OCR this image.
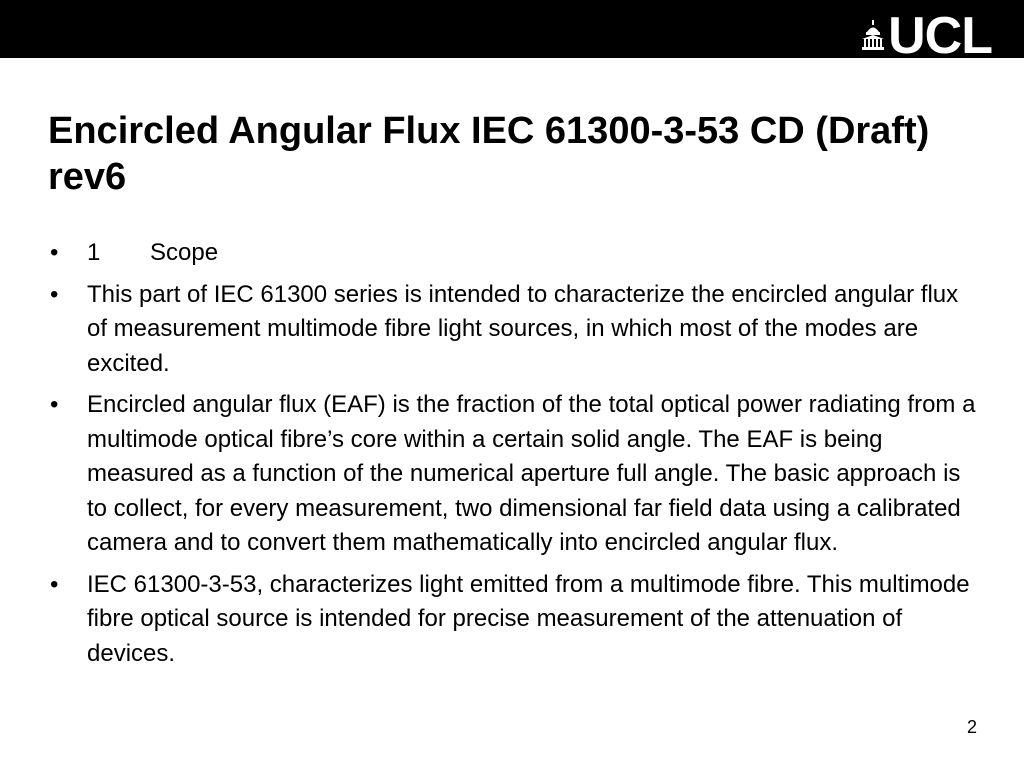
UCL
Encircled Angular Flux IEC 61300-3-53 CD (Draft) rev6
• 1 Scope
• This part of IEC 61300 series is intended to characterize the encircled angular flux of measurement multimode fibre light sources, in which most of the modes are excited.
• Encircled angular flux (EAF) is the fraction of the total optical power radiating from a multimode optical fibre’s core within a certain solid angle. The EAF is being measured as a function of the numerical aperture full angle. The basic approach is to collect, for every measurement, two dimensional far field data using a calibrated camera and to convert them mathematically into encircled angular flux.
• IEC 61300-3-53, characterizes light emitted from a multimode fibre. This multimode fibre optical source is intended for precise measurement of the attenuation of devices.
2
